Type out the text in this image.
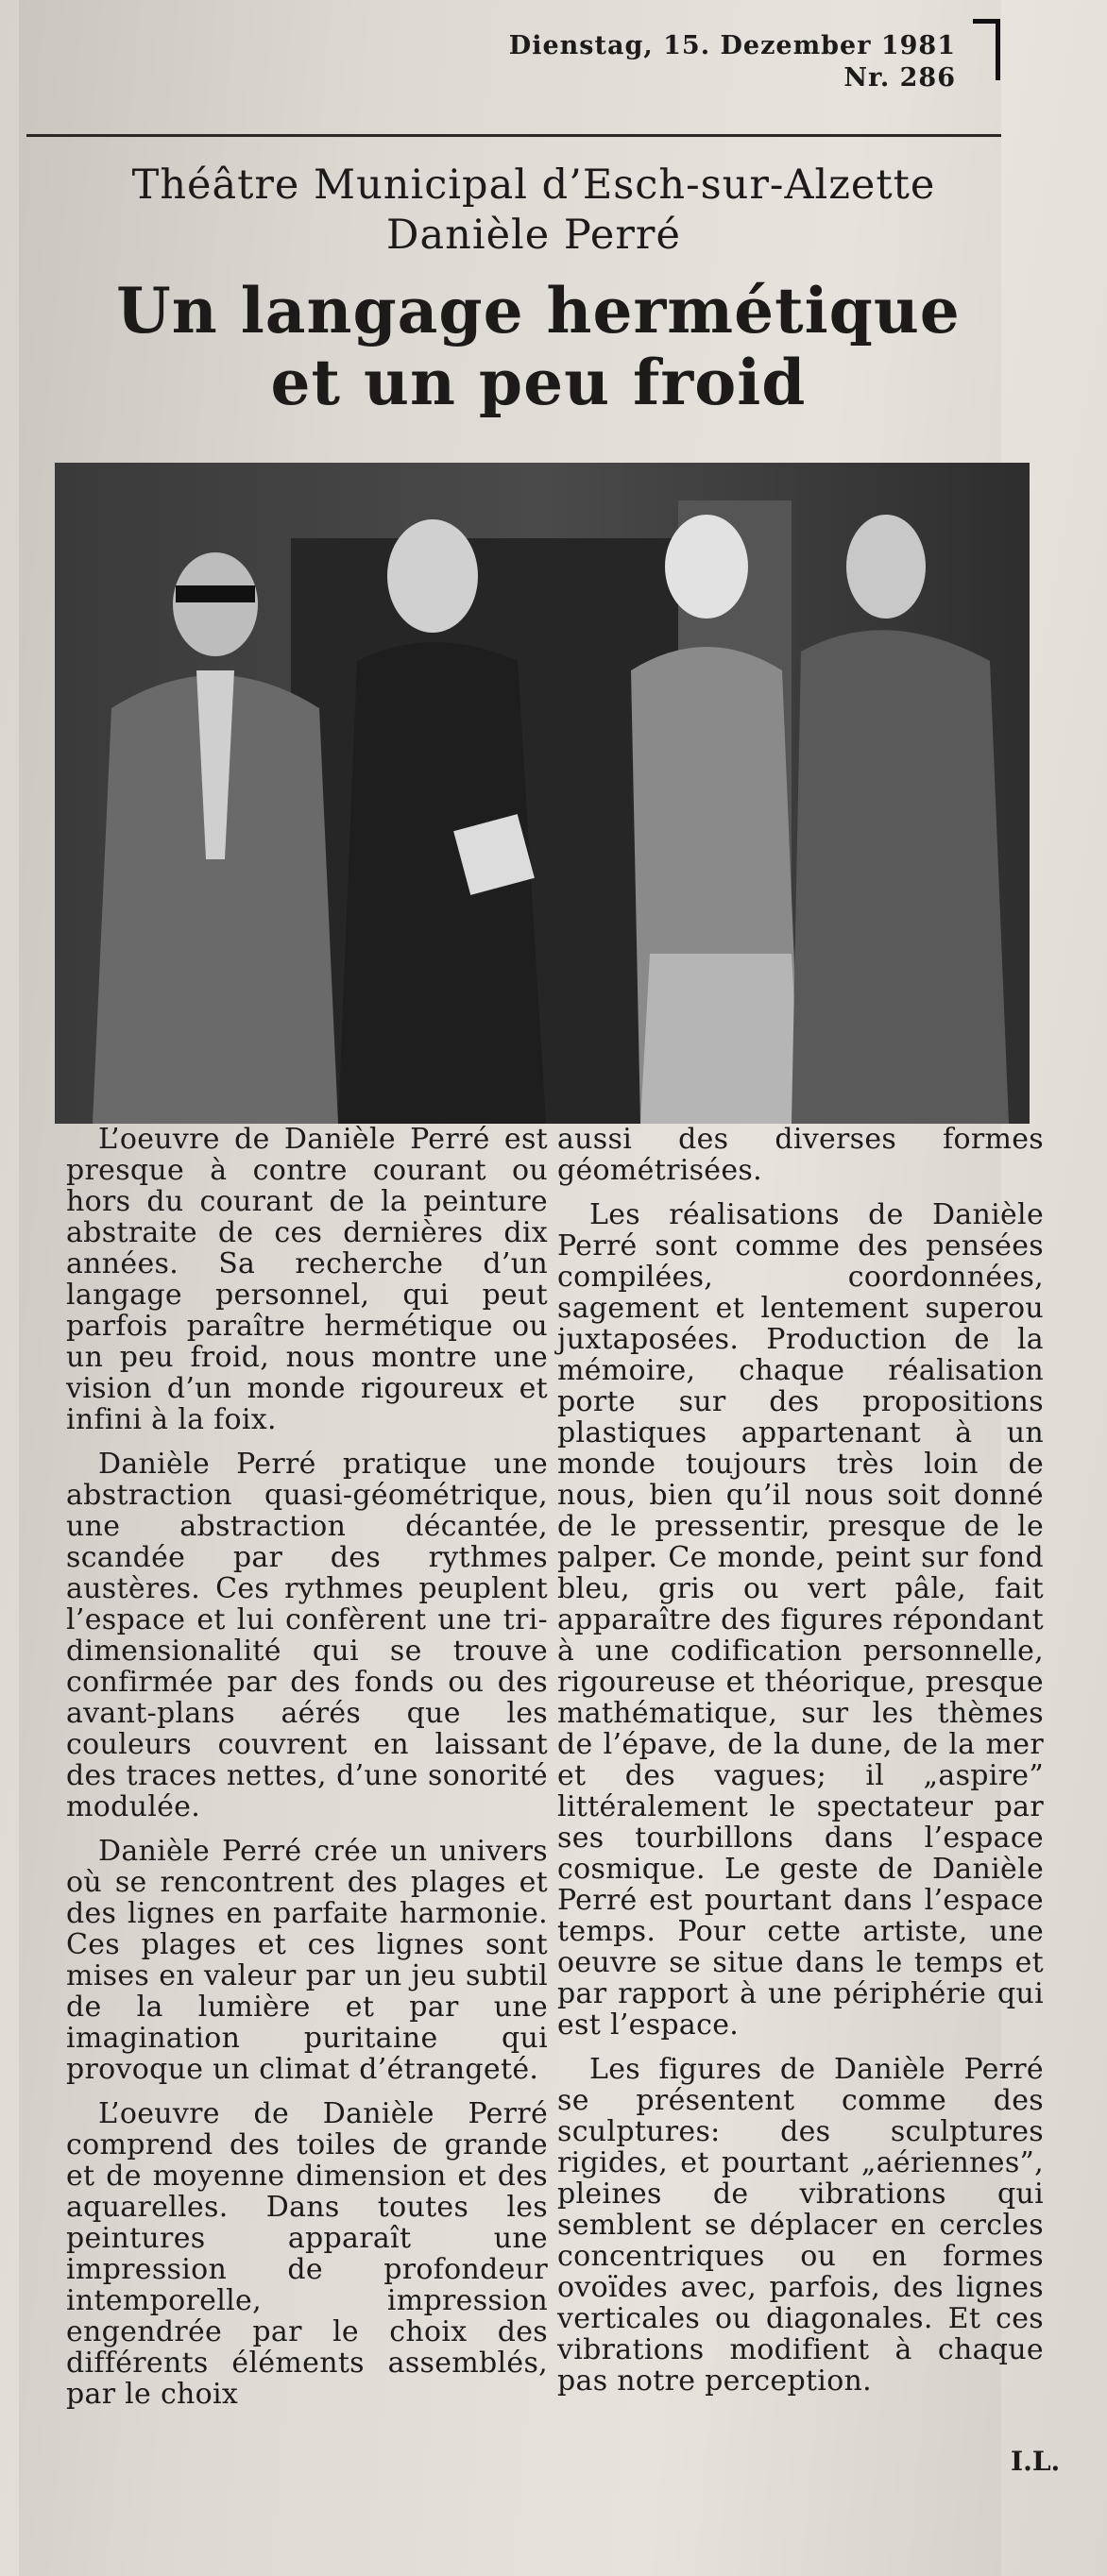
Dienstag, 15. Dezember 1981
Nr. 286
Théâtre Municipal d’Esch-sur-Alzette
Danièle Perré
Un langage hermétique
et un peu froid

L’oeuvre de Danièle Perré est presque à contre courant ou hors du courant de la peinture abstraite de ces dernières dix années. Sa recherche d’un langage personnel, qui peut parfois paraître hermétique ou un peu froid, nous montre une vision d’un monde rigoureux et infini à la foix.

Danièle Perré pratique une abstraction quasi-géométrique, une abstraction décantée, scandée par des rythmes austères. Ces rythmes peuplent l’espace et lui confèrent une tri-dimensionalité qui se trouve confirmée par des fonds ou des avant-plans aérés que les couleurs couvrent en laissant des traces nettes, d’une sonorité modulée.

Danièle Perré crée un univers où se rencontrent des plages et des lignes en parfaite harmonie. Ces plages et ces lignes sont mises en valeur par un jeu subtil de la lumière et par une imagination puritaine qui provoque un climat d’étrangeté.

L’oeuvre de Danièle Perré comprend des toiles de grande et de moyenne dimension et des aquarelles. Dans toutes les peintures apparaît une impression de profondeur intemporelle, impression engendrée par le choix des différents éléments assemblés, par le choix

aussi des diverses formes géométrisées.

Les réalisations de Danièle Perré sont comme des pensées compilées, coordonnées, sagement et lentement superou juxtaposées. Production de la mémoire, chaque réalisation porte sur des propositions plastiques appartenant à un monde toujours très loin de nous, bien qu’il nous soit donné de le pressentir, presque de le palper. Ce monde, peint sur fond bleu, gris ou vert pâle, fait apparaître des figures répondant à une codification personnelle, rigoureuse et théorique, presque mathématique, sur les thèmes de l’épave, de la dune, de la mer et des vagues; il „aspire” littéralement le spectateur par ses tourbillons dans l’espace cosmique. Le geste de Danièle Perré est pourtant dans l’espace temps. Pour cette artiste, une oeuvre se situe dans le temps et par rapport à une périphérie qui est l’espace.

Les figures de Danièle Perré se présentent comme des sculptures: des sculptures rigides, et pourtant „aériennes”, pleines de vibrations qui semblent se déplacer en cercles concentriques ou en formes ovoïdes avec, parfois, des lignes verticales ou diagonales. Et ces vibrations modifient à chaque pas notre perception.

I.L.
